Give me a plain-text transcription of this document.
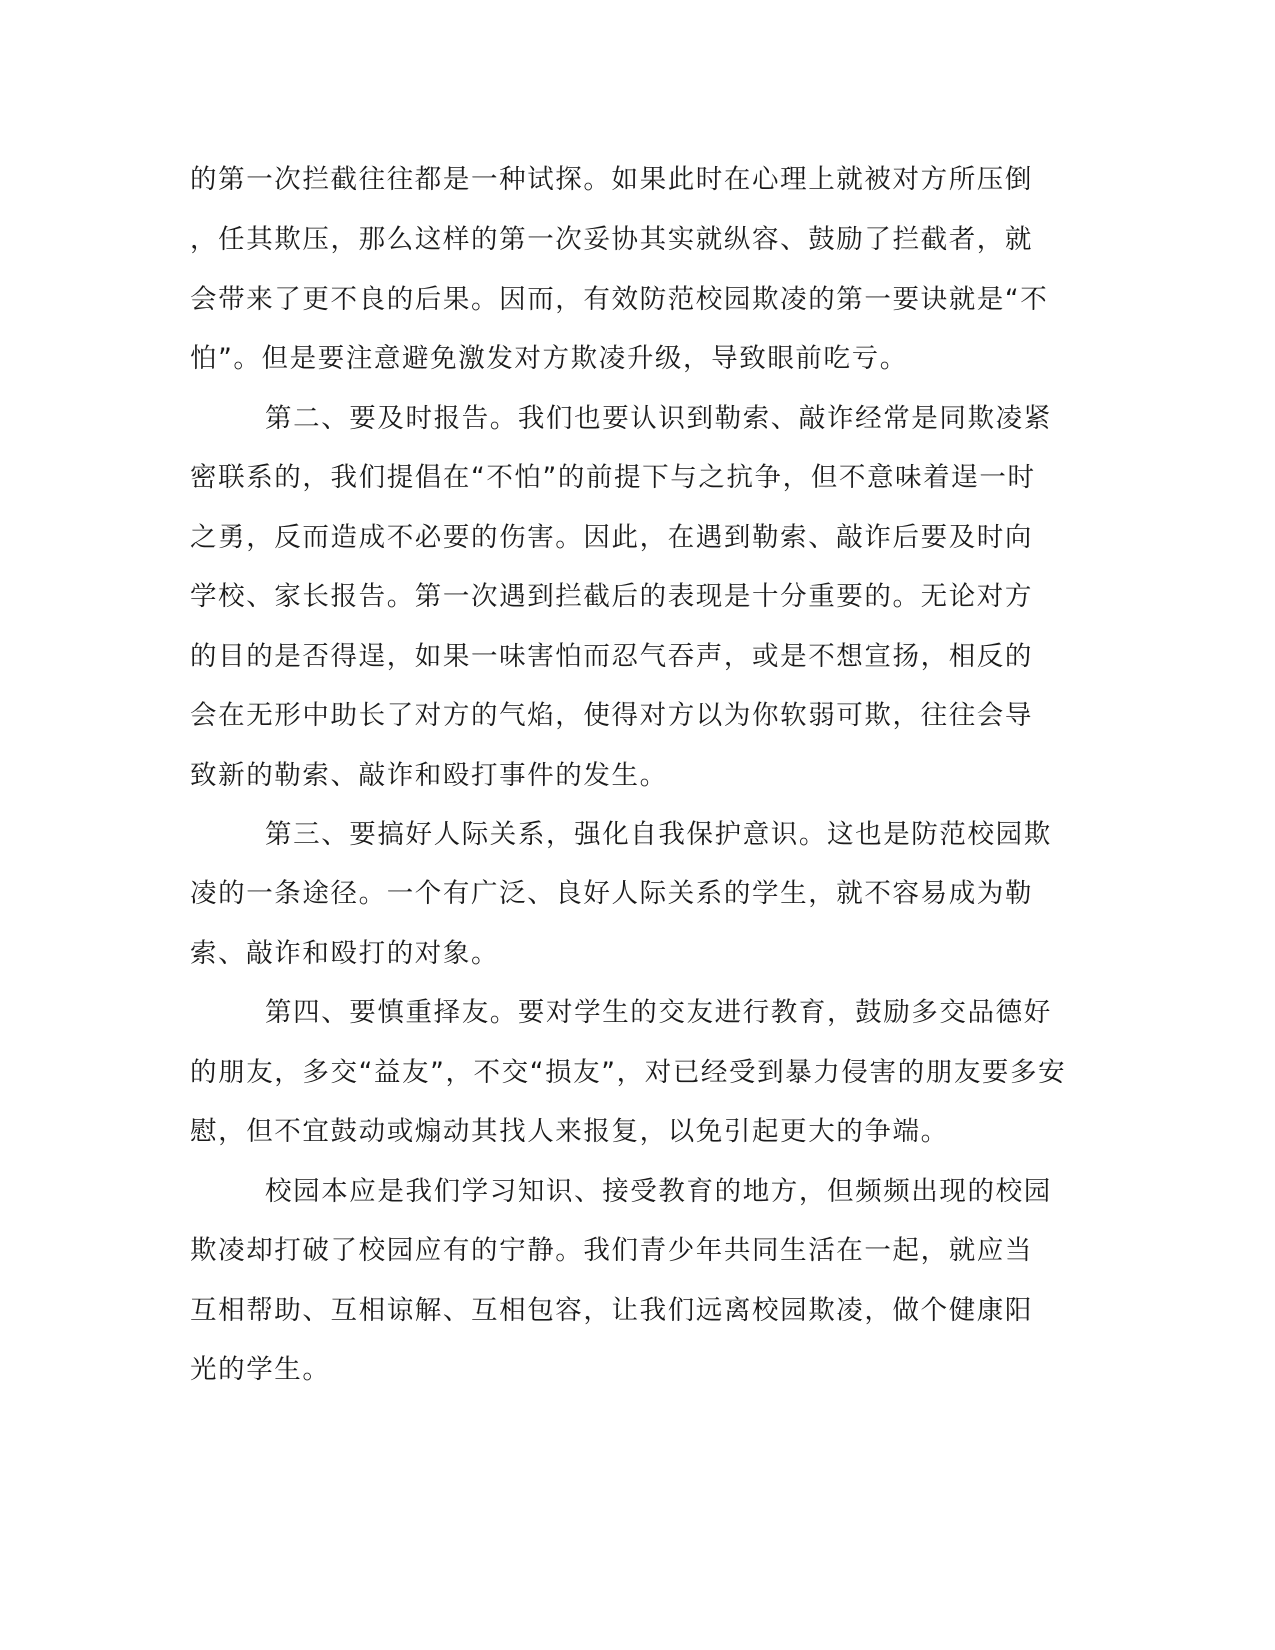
的第一次拦截往往都是一种试探。如果此时在心理上就被对方所压倒
，任其欺压，那么这样的第一次妥协其实就纵容、鼓励了拦截者，就
会带来了更不良的后果。因而，有效防范校园欺凌的第一要诀就是“不
怕”。但是要注意避免激发对方欺凌升级，导致眼前吃亏。
第二、要及时报告。我们也要认识到勒索、敲诈经常是同欺凌紧
密联系的，我们提倡在“不怕”的前提下与之抗争，但不意味着逞一时
之勇，反而造成不必要的伤害。因此，在遇到勒索、敲诈后要及时向
学校、家长报告。第一次遇到拦截后的表现是十分重要的。无论对方
的目的是否得逞，如果一味害怕而忍气吞声，或是不想宣扬，相反的
会在无形中助长了对方的气焰，使得对方以为你软弱可欺，往往会导
致新的勒索、敲诈和殴打事件的发生。
第三、要搞好人际关系，强化自我保护意识。这也是防范校园欺
凌的一条途径。一个有广泛、良好人际关系的学生，就不容易成为勒
索、敲诈和殴打的对象。
第四、要慎重择友。要对学生的交友进行教育，鼓励多交品德好
的朋友，多交“益友”，不交“损友”，对已经受到暴力侵害的朋友要多安
慰，但不宜鼓动或煽动其找人来报复，以免引起更大的争端。
校园本应是我们学习知识、接受教育的地方，但频频出现的校园
欺凌却打破了校园应有的宁静。我们青少年共同生活在一起，就应当
互相帮助、互相谅解、互相包容，让我们远离校园欺凌，做个健康阳
光的学生。
